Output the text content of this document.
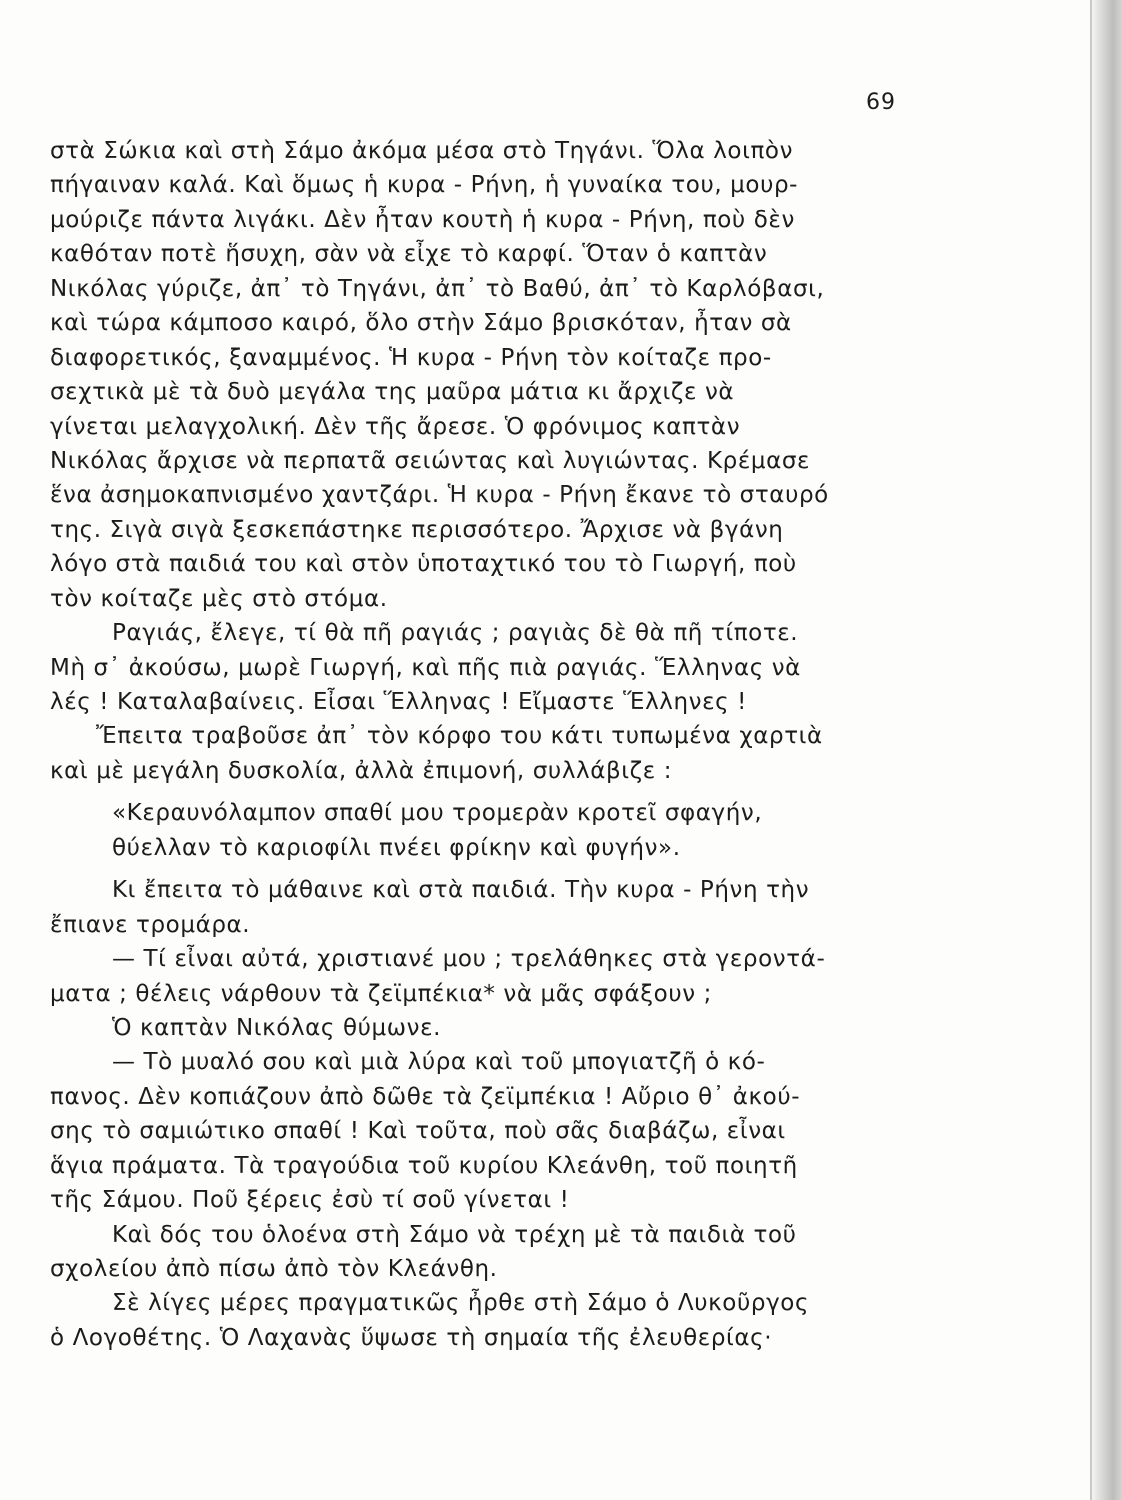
69
στὰ Σώκια καὶ στὴ Σάμο ἀκόμα μέσα στὸ Τηγάνι. Ὅλα λοιπὸν
πήγαιναν καλά. Καὶ ὅμως ἡ κυρα - Ρήνη, ἡ γυναίκα του, μουρ-
μούριζε πάντα λιγάκι. Δὲν ἦταν κουτὴ ἡ κυρα - Ρήνη, ποὺ δὲν
καθόταν ποτὲ ἥσυχη, σὰν νὰ εἶχε τὸ καρφί. Ὅταν ὁ καπτὰν
Νικόλας γύριζε, ἀπ᾿ τὸ Τηγάνι, ἀπ᾿ τὸ Βαθύ, ἀπ᾿ τὸ Καρλόβασι,
καὶ τώρα κάμποσο καιρό, ὅλο στὴν Σάμο βρισκόταν, ἦταν σὰ
διαφορετικός, ξαναμμένος. Ἡ κυρα - Ρήνη τὸν κοίταζε προ-
σεχτικὰ μὲ τὰ δυὸ μεγάλα της μαῦρα μάτια κι ἄρχιζε νὰ
γίνεται μελαγχολική. Δὲν τῆς ἄρεσε. Ὁ φρόνιμος καπτὰν
Νικόλας ἄρχισε νὰ περπατᾶ σειώντας καὶ λυγιώντας. Κρέμασε
ἕνα ἀσημοκαπνισμένο χαντζάρι. Ἡ κυρα - Ρήνη ἔκανε τὸ σταυρό
της. Σιγὰ σιγὰ ξεσκεπάστηκε περισσότερο. Ἄρχισε νὰ βγάνη
λόγο στὰ παιδιά του καὶ στὸν ὑποταχτικό του τὸ Γιωργή, ποὺ
τὸν κοίταζε μὲς στὸ στόμα.
Ραγιάς, ἔλεγε, τί θὰ πῆ ραγιάς ; ραγιὰς δὲ θὰ πῆ τίποτε.
Μὴ σ᾿ ἀκούσω, μωρὲ Γιωργή, καὶ πῆς πιὰ ραγιάς. Ἕλληνας νὰ
λές ! Καταλαβαίνεις. Εἶσαι Ἕλληνας ! Εἴμαστε Ἕλληνες !
Ἔπειτα τραβοῦσε ἀπ᾿ τὸν κόρφο του κάτι τυπωμένα χαρτιὰ
καὶ μὲ μεγάλη δυσκολία, ἀλλὰ ἐπιμονή, συλλάβιζε :
«Κεραυνόλαμπον σπαθί μου τρομερὰν κροτεῖ σφαγήν,
θύελλαν τὸ καριοφίλι πνέει φρίκην καὶ φυγήν».
Κι ἔπειτα τὸ μάθαινε καὶ στὰ παιδιά. Τὴν κυρα - Ρήνη τὴν
ἔπιανε τρομάρα.
— Τί εἶναι αὐτά, χριστιανέ μου ; τρελάθηκες στὰ γεροντά-
ματα ; θέλεις νάρθουν τὰ ζεϊμπέκια* νὰ μᾶς σφάξουν ;
Ὁ καπτὰν Νικόλας θύμωνε.
— Τὸ μυαλό σου καὶ μιὰ λύρα καὶ τοῦ μπογιατζῆ ὁ κό-
πανος. Δὲν κοπιάζουν ἀπὸ δῶθε τὰ ζεϊμπέκια ! Αὔριο θ᾿ ἀκού-
σης τὸ σαμιώτικο σπαθί ! Καὶ τοῦτα, ποὺ σᾶς διαβάζω, εἶναι
ἅγια πράματα. Τὰ τραγούδια τοῦ κυρίου Κλεάνθη, τοῦ ποιητῆ
τῆς Σάμου. Ποῦ ξέρεις ἐσὺ τί σοῦ γίνεται !
Καὶ δός του ὁλοένα στὴ Σάμο νὰ τρέχη μὲ τὰ παιδιὰ τοῦ
σχολείου ἀπὸ πίσω ἀπὸ τὸν Κλεάνθη.
Σὲ λίγες μέρες πραγματικῶς ἦρθε στὴ Σάμο ὁ Λυκοῦργος
ὁ Λογοθέτης. Ὁ Λαχανὰς ὕψωσε τὴ σημαία τῆς ἐλευθερίας·
